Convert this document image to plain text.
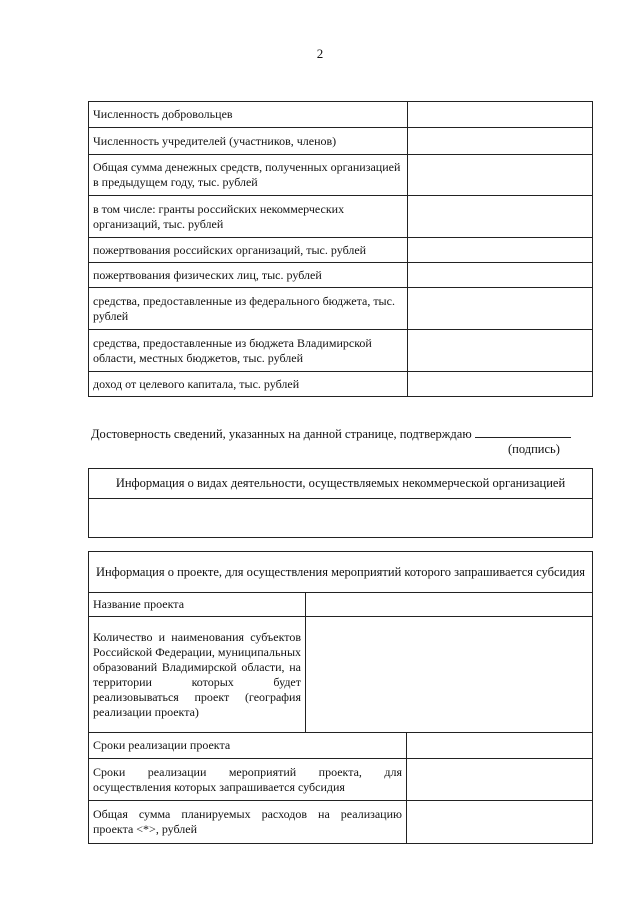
2
Численность добровольцев	
Численность учредителей (участников, членов)	
Общая сумма денежных средств, полученных организацией в предыдущем году, тыс. рублей	
в том числе: гранты российских некоммерческих организаций, тыс. рублей	
пожертвования российских организаций, тыс. рублей	
пожертвования физических лиц, тыс. рублей	
средства, предоставленные из федерального бюджета, тыс. рублей	
средства, предоставленные из бюджета Владимирской области, местных бюджетов, тыс. рублей	
доход от целевого капитала, тыс. рублей	
Достоверность сведений, указанных на данной странице, подтверждаю
(подпись)
Информация о видах деятельности, осуществляемых некоммерческой организацией

Информация о проекте, для осуществления мероприятий которого запрашивается субсидия		
Название проекта		
Количество и наименования субъектов Российской Федерации, муниципальных образований Владимирской области, на территории которых будет реализовываться проект (география реализации проекта)		
Сроки реализации проекта		
Сроки реализации мероприятий проекта, для осуществления которых запрашивается субсидия		
Общая сумма планируемых расходов на реализацию проекта <*>, рублей		
